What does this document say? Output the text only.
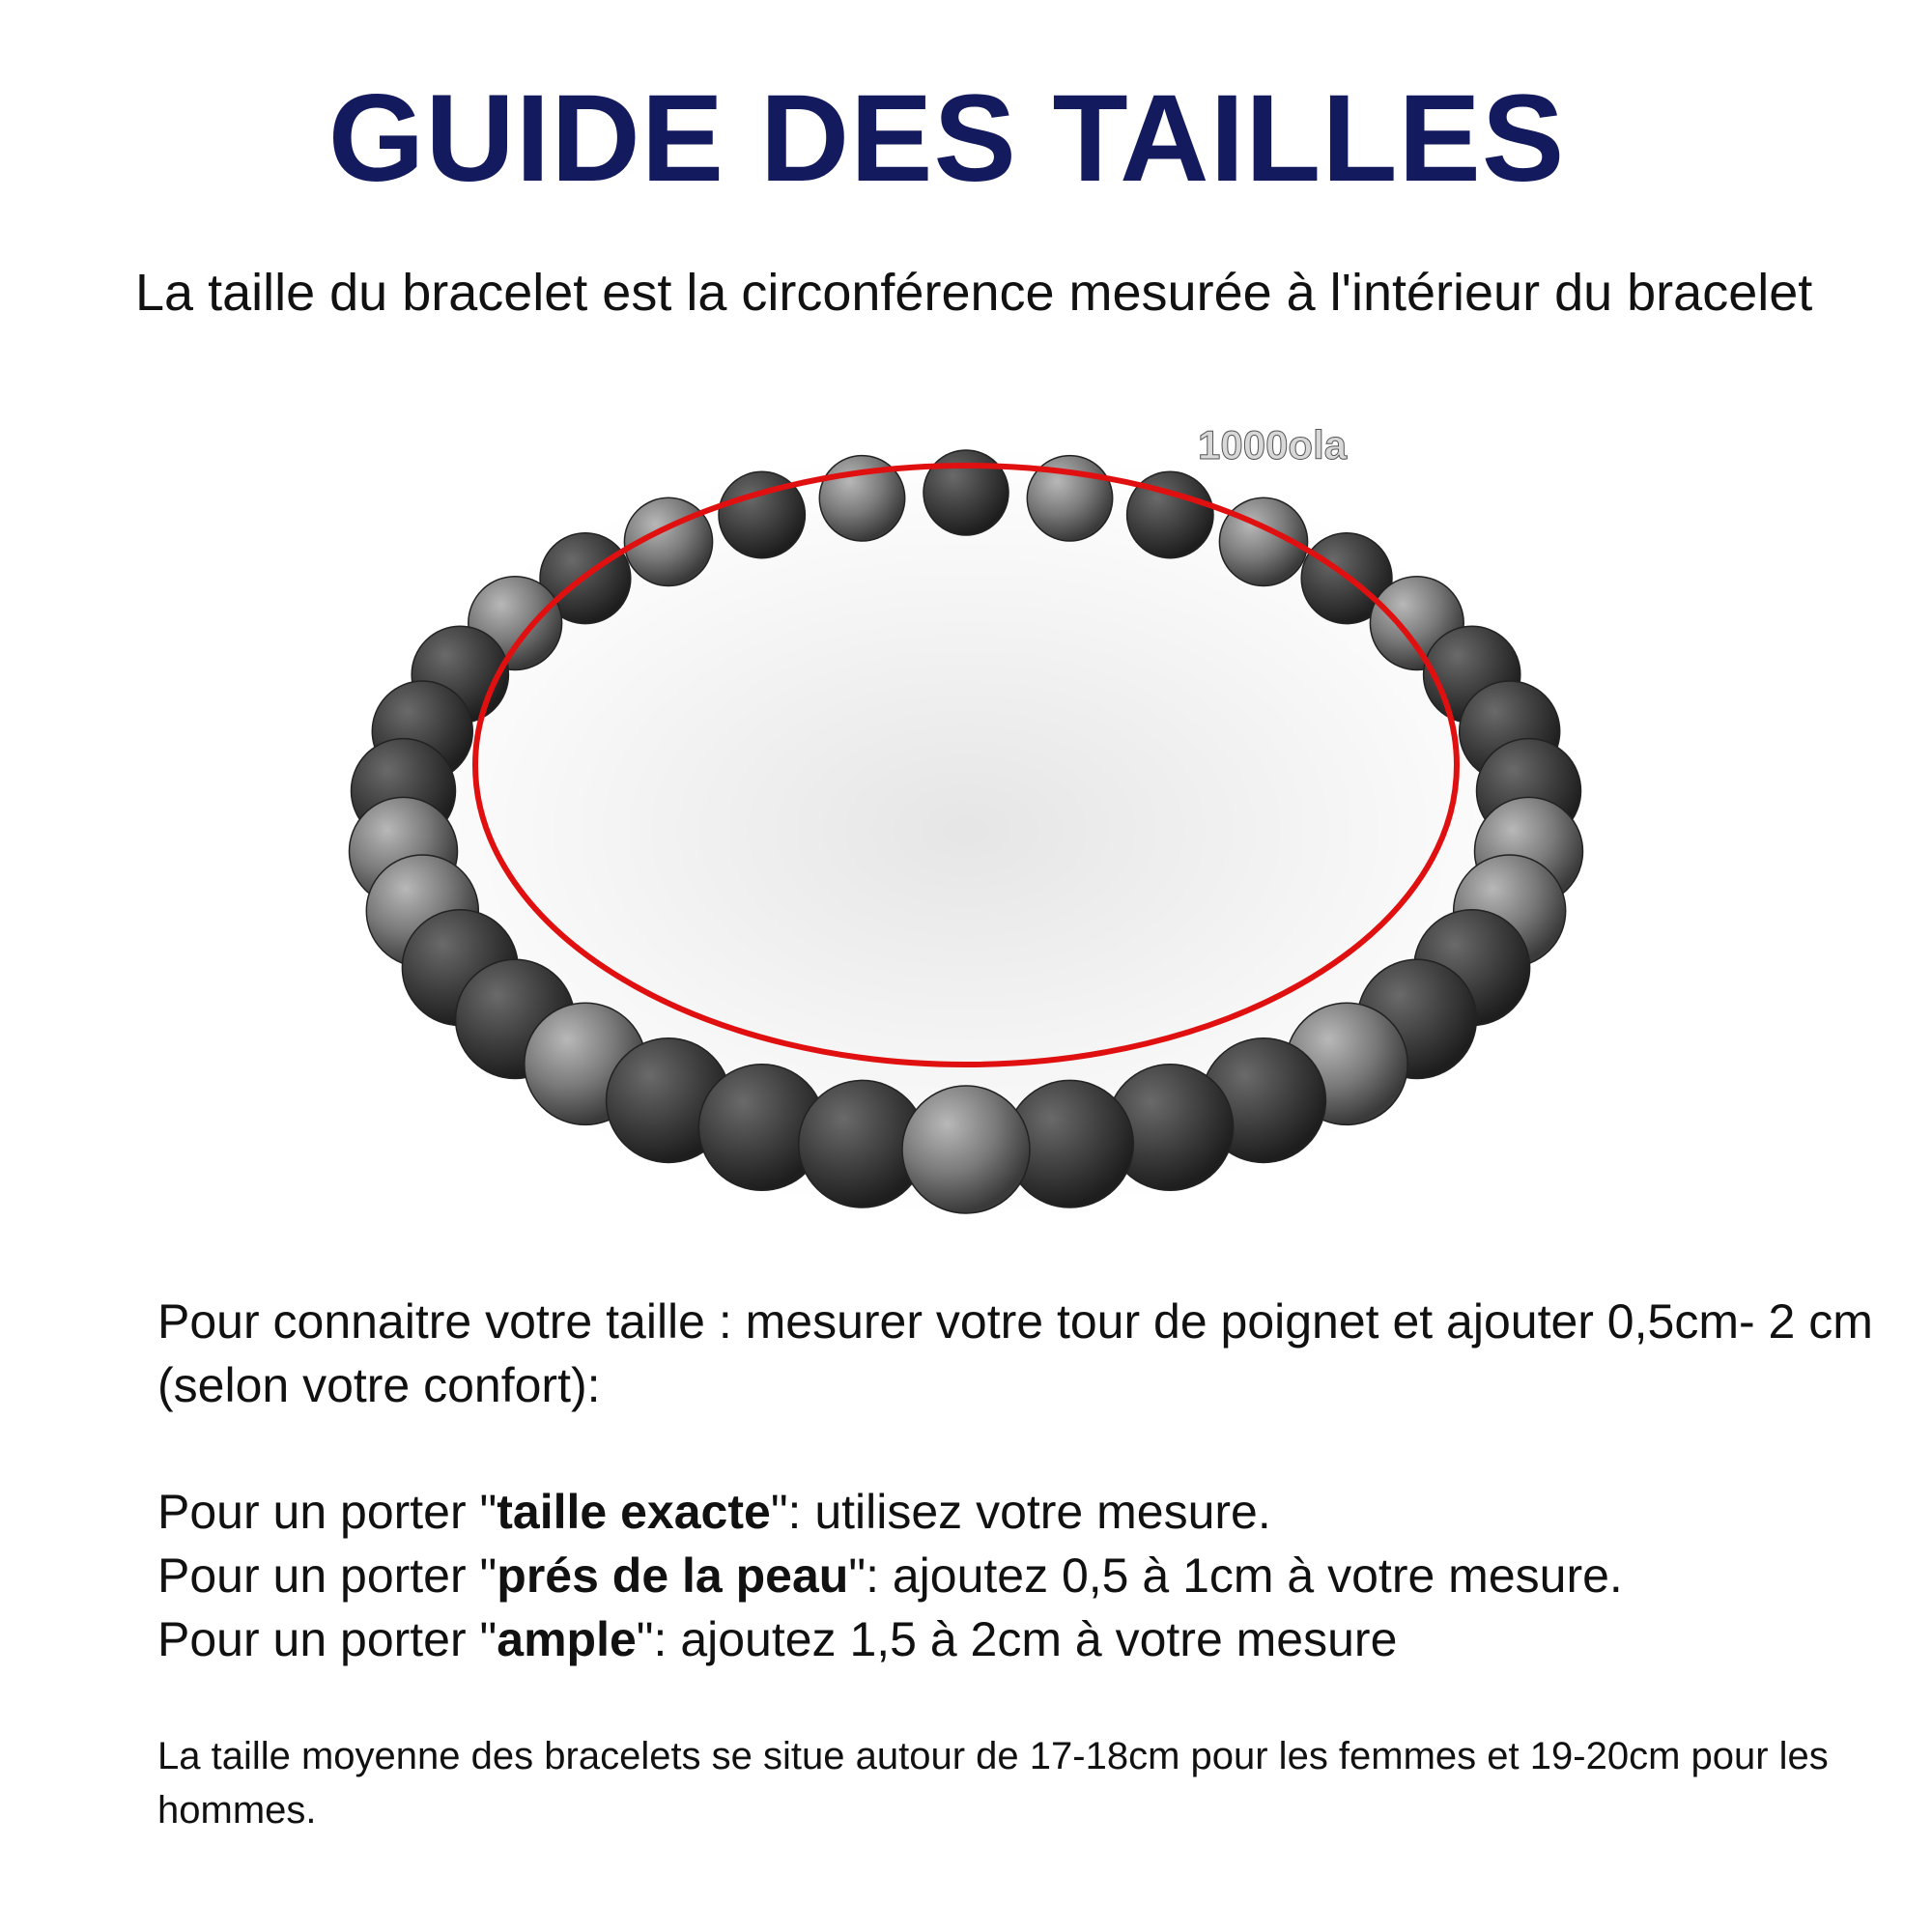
GUIDE DES TAILLES

La taille du bracelet est la circonférence mesurée à l'intérieur du bracelet

1000ola

Pour connaitre votre taille : mesurer votre tour de poignet et ajouter 0,5cm- 2 cm (selon votre confort):

Pour un porter "taille exacte": utilisez votre mesure.

Pour un porter "prés de la peau": ajoutez 0,5 à 1cm à votre mesure.

Pour un porter "ample": ajoutez 1,5 à 2cm à votre mesure

La taille moyenne des bracelets se situe autour de 17-18cm pour les femmes et 19-20cm pour les hommes.
